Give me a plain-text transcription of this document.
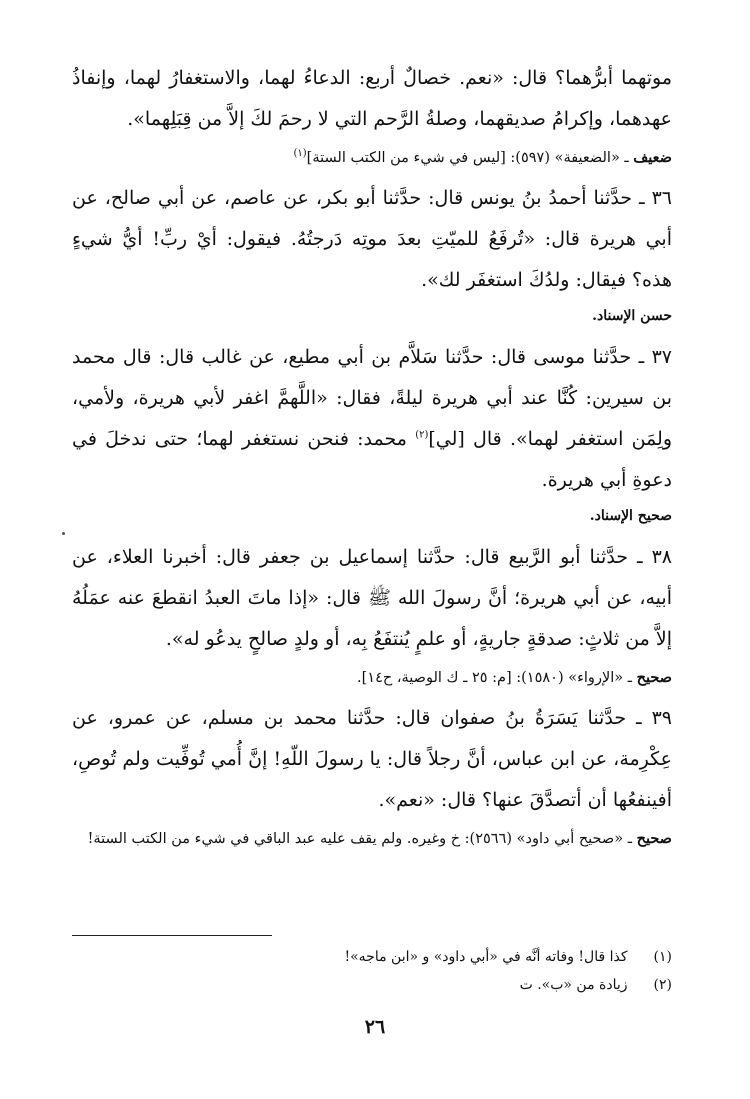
موتهما أبرُّهما؟ قال: «نعم. خصالٌ أربع: الدعاءُ لهما، والاستغفارُ لهما، وإنفاذُ عهدهما، وإكرامُ صديقهما، وصلةُ الرَّحم التي لا رحمَ لكَ إلاَّ من قِبَلِهما».

ضعيف ـ «الضعيفة» (٥٩٧): [ليس في شيء من الكتب الستة]$^{(١)}$

٣٦ ـ حدَّثنا أحمدُ بنُ يونس قال: حدَّثنا أبو بكر، عن عاصم، عن أبي صالح، عن أبي هريرة قال: «تُرفَعُ للميّتِ بعدَ موتِه دَرجتُهُ. فيقول: أيْ ربِّ! أيُّ شيءٍ هذه؟ فيقال: ولدُكَ استغفَر لك».

حسن الإسناد.

٣٧ ـ حدَّثنا موسى قال: حدَّثنا سَلاَّم بن أبي مطيع، عن غالب قال: قال محمد بن سيرين: كُنَّا عند أبي هريرة ليلةً، فقال: «اللَّهمَّ اغفر لأبي هريرة، ولأمي، ولِمَن استغفر لهما». قال [لي]$^{(٢)}$ محمد: فنحن نستغفر لهما؛ حتى ندخلَ في دعوةِ أبي هريرة.

صحيح الإسناد.

٣٨ ـ حدَّثنا أبو الرَّبيع قال: حدَّثنا إسماعيل بن جعفر قال: أخبرنا العلاء، عن أبيه، عن أبي هريرة؛ أنَّ رسولَ الله ﷺ قال: «إذا ماتَ العبدُ انقطعَ عنه عمَلُهُ إلاَّ من ثلاثٍ: صدقةٍ جاريةٍ، أو علمٍ يُنتفَعُ بِه، أو ولدٍ صالحٍ يدعُو له».

صحيح ـ «الإرواء» (١٥٨٠): [م: ٢٥ ـ ك الوصية، ح١٤].

٣٩ ـ حدَّثنا يَسَرَةُ بنُ صفوان قال: حدَّثنا محمد بن مسلم، عن عمرو، عن عِكْرِمة، عن ابن عباس، أنَّ رجلاً قال: يا رسولَ اللّهِ! إنَّ أُمي تُوفِّيت ولم تُوصِ، أفينفعُها أن أتصدَّقَ عنها؟ قال: «نعم».

صحيح ـ «صحيح أبي داود» (٢٥٦٦): خ وغيره. ولم يقف عليه عبد الباقي في شيء من الكتب الستة!
(١) كذا قال! وفاته أنَّه في «أبي داود» و «ابن ماجه»!
(٢) زيادة من «ب». ت
٢٦
